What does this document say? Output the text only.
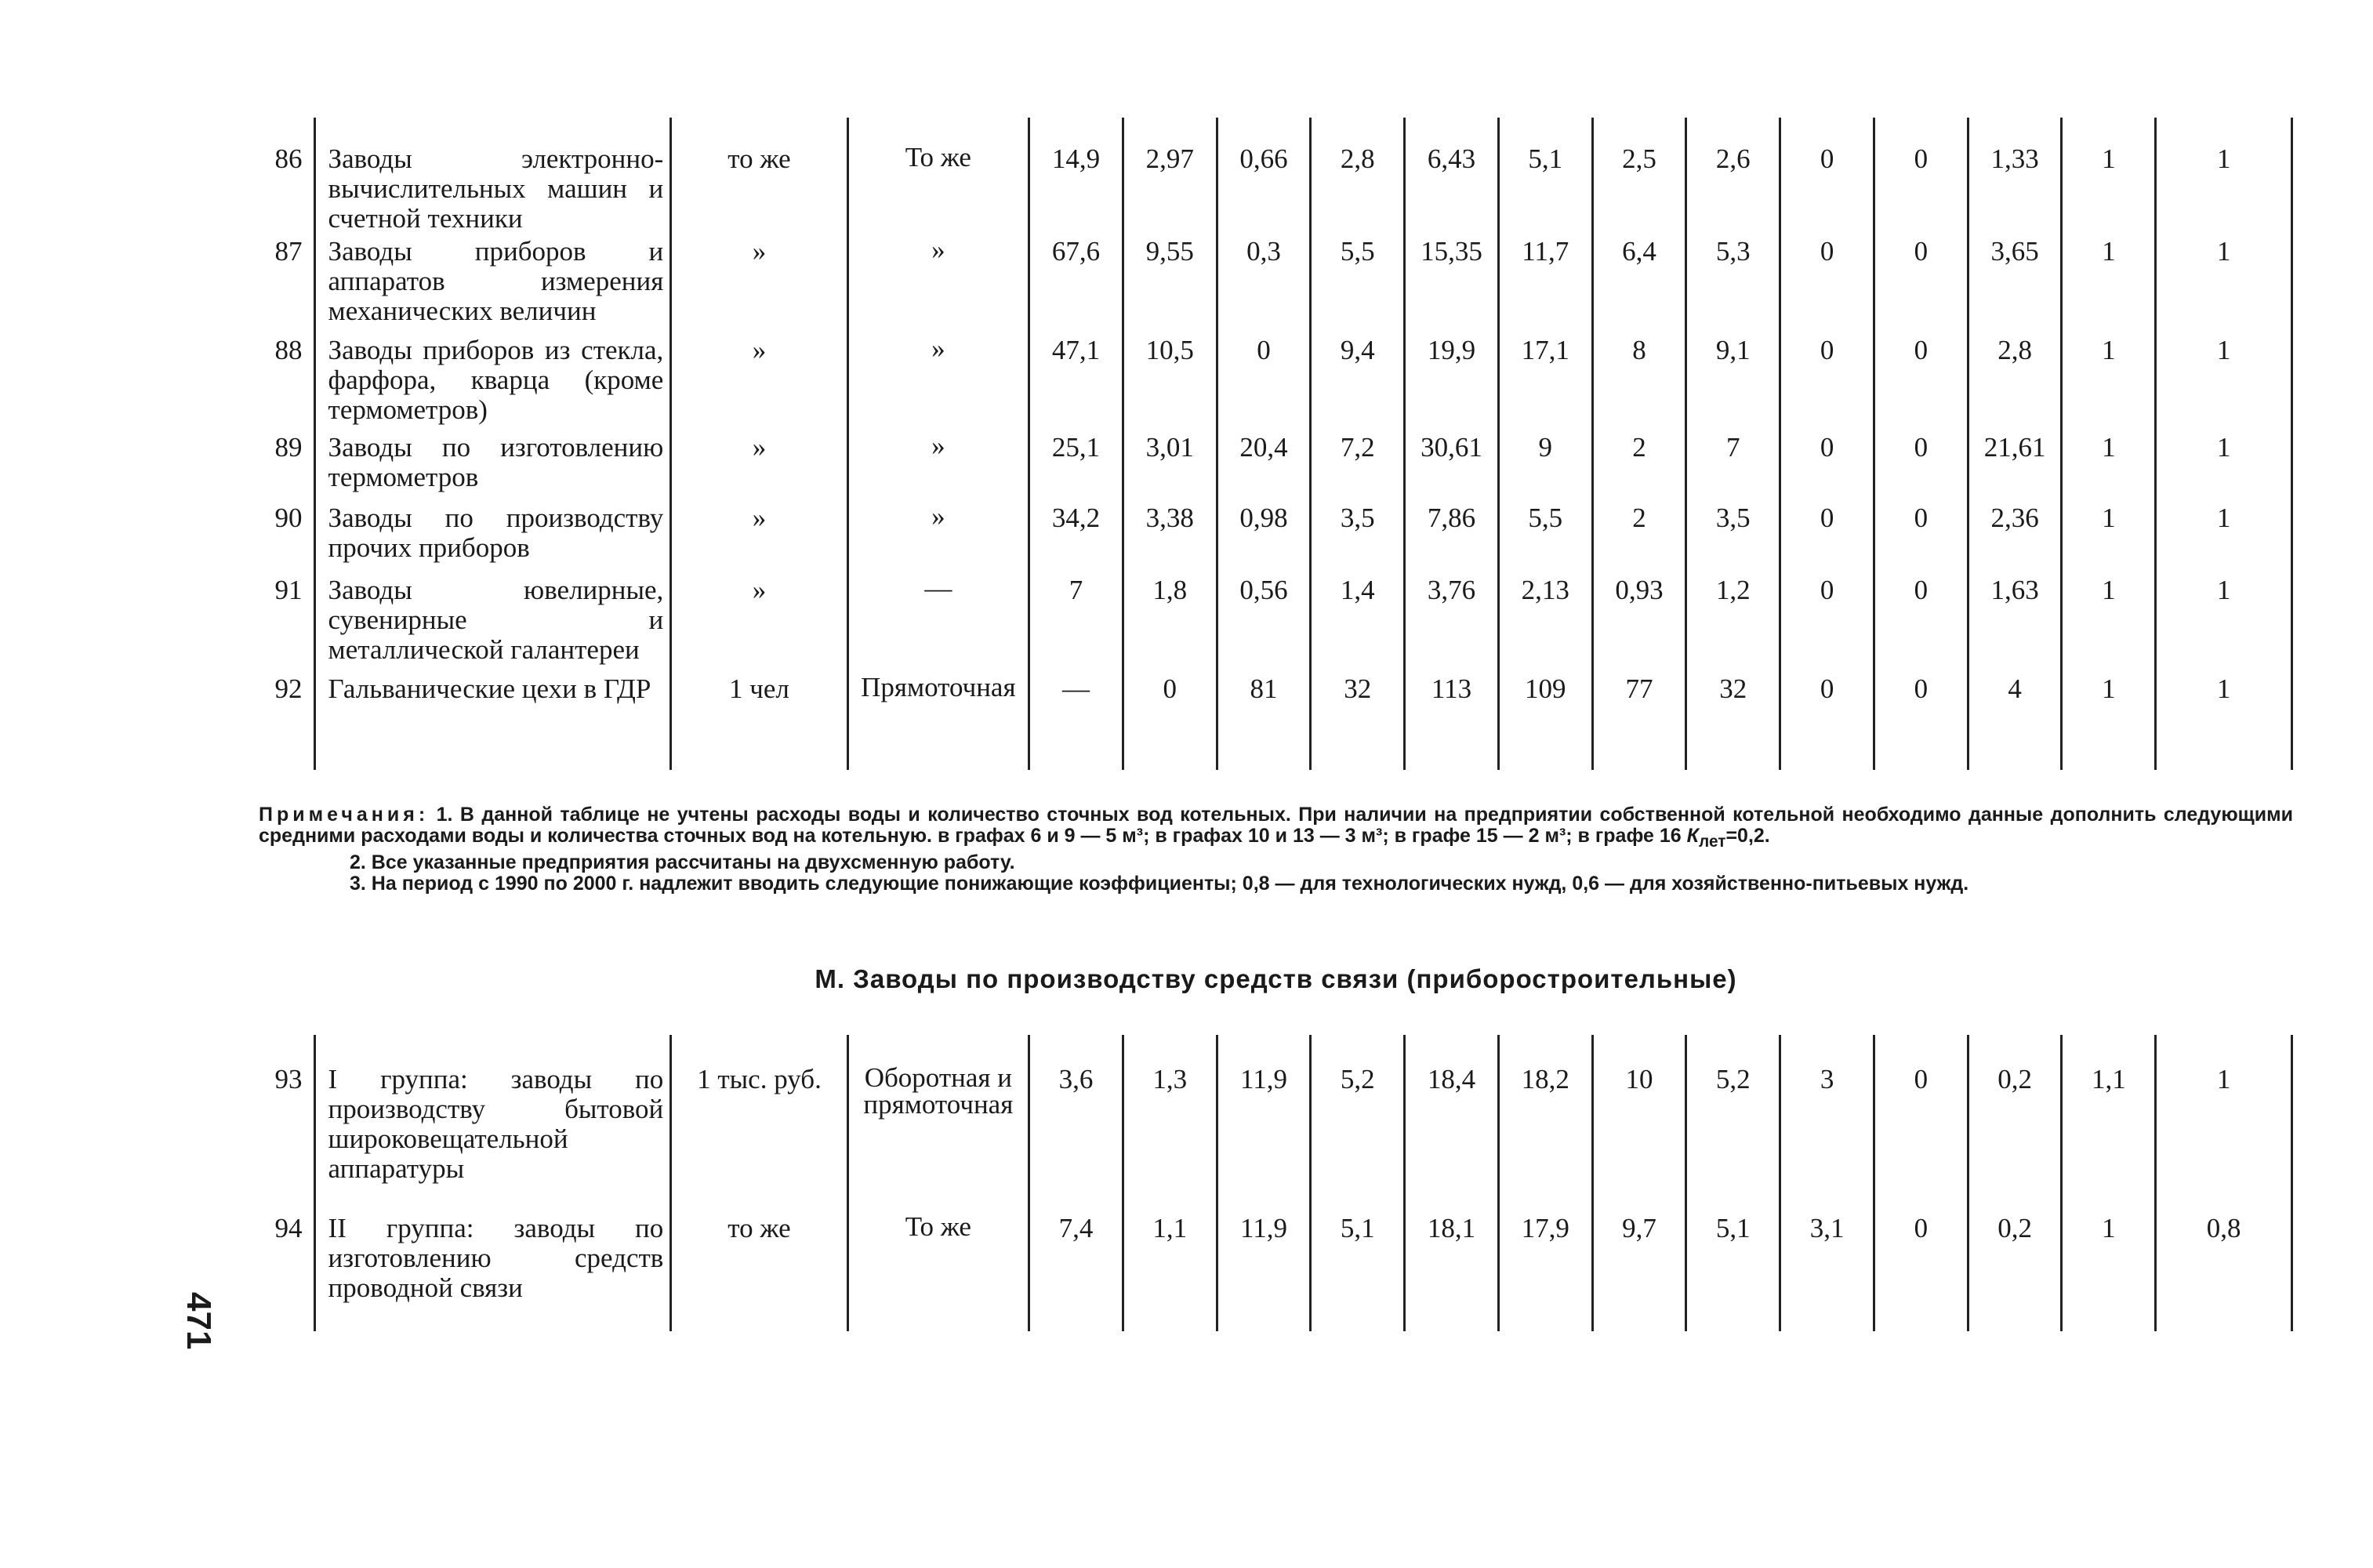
86	Заводы электронно-вычислительных машин и счетной техники	то же	То же	14,9	2,97	0,66	2,8	6,43	5,1	2,5	2,6	0	0	1,33	1	1
87	Заводы приборов и аппаратов измерения механических величин	»	»	67,6	9,55	0,3	5,5	15,35	11,7	6,4	5,3	0	0	3,65	1	1
88	Заводы приборов из стекла, фарфора, кварца (кроме термометров)	»	»	47,1	10,5	0	9,4	19,9	17,1	8	9,1	0	0	2,8	1	1
89	Заводы по изготовлению термометров	»	»	25,1	3,01	20,4	7,2	30,61	9	2	7	0	0	21,61	1	1
90	Заводы по производству прочих приборов	»	»	34,2	3,38	0,98	3,5	7,86	5,5	2	3,5	0	0	2,36	1	1
91	Заводы ювелирные, сувенирные и металлической галантереи	»	—	7	1,8	0,56	1,4	3,76	2,13	0,93	1,2	0	0	1,63	1	1
92	Гальванические цехи в ГДР	1 чел	Прямоточная	—	0	81	32	113	109	77	32	0	0	4	1	1

Примечания: 1. В данной таблице не учтены расходы воды и количество сточных вод котельных. При наличии на предприятии собственной котельной необходимо данные дополнить следующими средними расходами воды и количества сточных вод на котельную. в графах 6 и 9 — 5 м³; в графах 10 и 13 — 3 м³; в графе 15 — 2 м³; в графе 16 $К_{лет}=0,2$.

2. Все указанные предприятия рассчитаны на двухсменную работу.

3. На период с 1990 по 2000 г. надлежит вводить следующие понижающие коэффициенты; 0,8 — для технологических нужд, 0,6 — для хозяйственно-питьевых нужд.

М. Заводы по производству средств связи (приборостроительные)
93	I группа: заводы по производству бытовой широковещательной аппаратуры	1 тыс. руб.	Оборотная и прямоточная	3,6	1,3	11,9	5,2	18,4	18,2	10	5,2	3	0	0,2	1,1	1
94	II группа: заводы по изготовлению средств проводной связи	то же	То же	7,4	1,1	11,9	5,1	18,1	17,9	9,7	5,1	3,1	0	0,2	1	0,8
471
